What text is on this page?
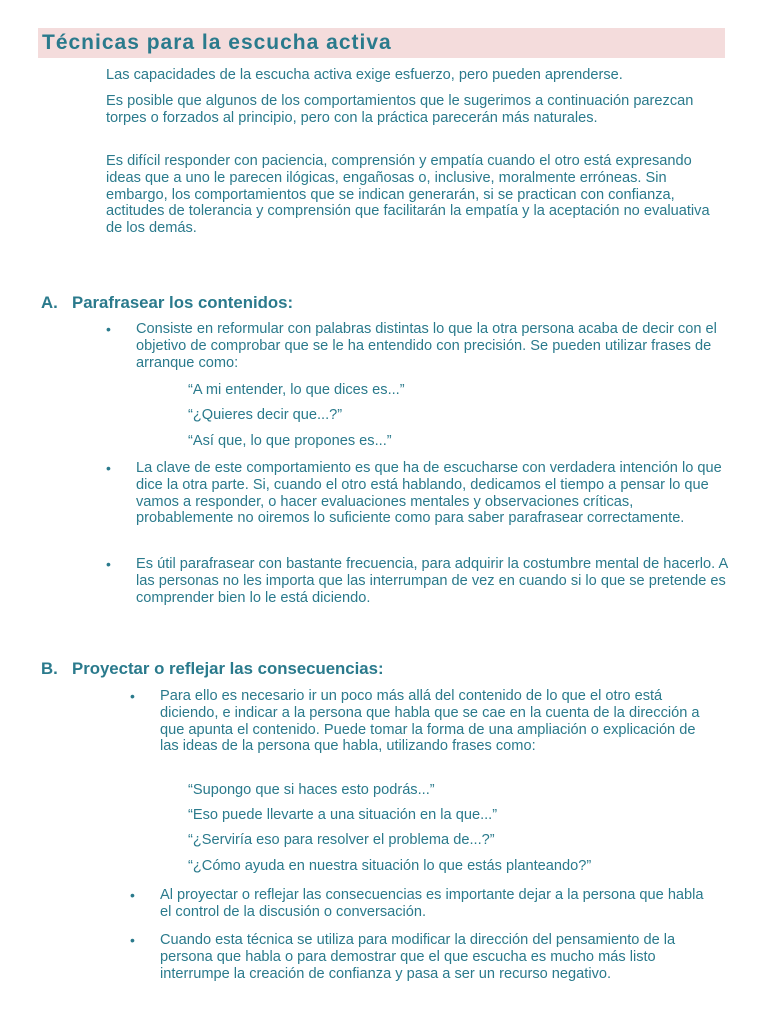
Técnicas para la escucha activa

Las capacidades de la escucha activa exige esfuerzo, pero pueden aprenderse.

Es posible que algunos de los comportamientos que le sugerimos a continuación parezcan torpes o forzados al principio, pero con la práctica parecerán más naturales.

Es difícil responder con paciencia, comprensión y empatía cuando el otro está expresando ideas que a uno le parecen ilógicas, engañosas o, inclusive, moralmente erróneas. Sin embargo, los comportamientos que se indican generarán, si se practican con confianza, actitudes de tolerancia y comprensión que facilitarán la empatía y la aceptación no evaluativa de los demás.

A. Parafrasear los contenidos:
• Consiste en reformular con palabras distintas lo que la otra persona acaba de decir con el objetivo de comprobar que se le ha entendido con precisión. Se pueden utilizar frases de arranque como:

“A mi entender, lo que dices es...”

“¿Quieres decir que...?”

“Así que, lo que propones es...”

• La clave de este comportamiento es que ha de escucharse con verdadera intención lo que dice la otra parte. Si, cuando el otro está hablando, dedicamos el tiempo a pensar lo que vamos a responder, o hacer evaluaciones mentales y observaciones críticas, probablemente no oiremos lo suficiente como para saber parafrasear correctamente.

• Es útil parafrasear con bastante frecuencia, para adquirir la costumbre mental de hacerlo. A las personas no les importa que las interrumpan de vez en cuando si lo que se pretende es comprender bien lo le está diciendo.

B. Proyectar o reflejar las consecuencias:
• Para ello es necesario ir un poco más allá del contenido de lo que el otro está diciendo, e indicar a la persona que habla que se cae en la cuenta de la dirección a que apunta el contenido. Puede tomar la forma de una ampliación o explicación de las ideas de la persona que habla, utilizando frases como:

“Supongo que si haces esto podrás...”

“Eso puede llevarte a una situación en la que...”

“¿Serviría eso para resolver el problema de...?”

“¿Cómo ayuda en nuestra situación lo que estás planteando?”

• Al proyectar o reflejar las consecuencias es importante dejar a la persona que habla el control de la discusión o conversación.

• Cuando esta técnica se utiliza para modificar la dirección del pensamiento de la persona que habla o para demostrar que el que escucha es mucho más listo interrumpe la creación de confianza y pasa a ser un recurso negativo.
